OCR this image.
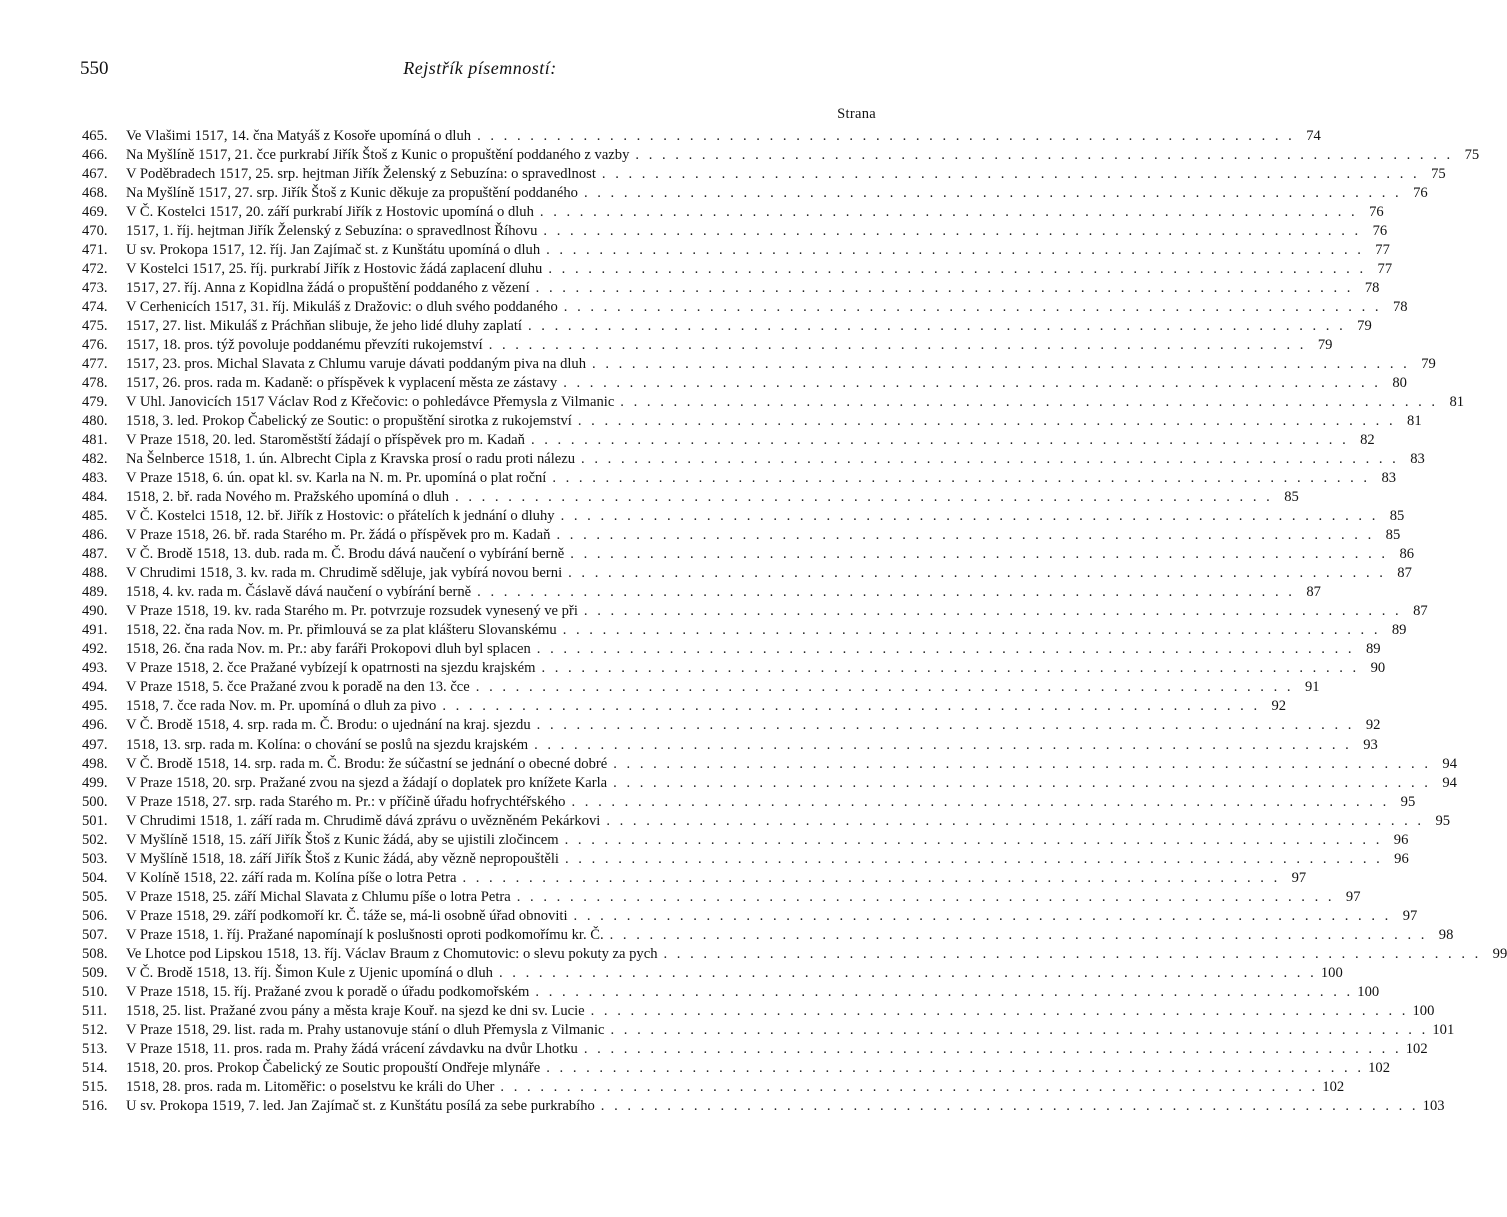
550	Rejstřík písemností:
Strana
465.	Ve Vlašimi 1517, 14. čna Matyáš z Kosoře upomíná o dluh . . .	74
466.	Na Myšlíně 1517, 21. čce purkrabí Jiřík Štoš z Kunic o propuštění poddaného z vazby . . .	75
467.	V Poděbradech 1517, 25. srp. hejtman Jiřík Želenský z Sebuzína: o spravedlnost . . .	75
468.	Na Myšlíně 1517, 27. srp. Jiřík Štoš z Kunic děkuje za propuštění poddaného . . .	76
469.	V Č. Kostelci 1517, 20. září purkrabí Jiřík z Hostovic upomíná o dluh . . .	76
470.	1517, 1. říj. hejtman Jiřík Želenský z Sebuzína: o spravedlnost Říhovu . . .	76
471.	U sv. Prokopa 1517, 12. říj. Jan Zajímač st. z Kunštátu upomíná o dluh . . .	77
472.	V Kostelci 1517, 25. říj. purkrabí Jiřík z Hostovic žádá zaplacení dluhu . . .	77
473.	1517, 27. říj. Anna z Kopidlna žádá o propuštění poddaného z vězení . . .	78
474.	V Cerhenicích 1517, 31. říj. Mikuláš z Dražovic: o dluh svého poddaného . . .	78
475.	1517, 27. list. Mikuláš z Práchňan slibuje, že jeho lidé dluhy zaplatí . . .	79
476.	1517, 18. pros. týž povoluje poddanému převzíti rukojemství . . .	79
477.	1517, 23. pros. Michal Slavata z Chlumu varuje dávati poddaným piva na dluh . . .	79
478.	1517, 26. pros. rada m. Kadaně: o příspěvek k vyplacení města ze zástavy . . .	80
479.	V Uhl. Janovicích 1517 Václav Rod z Křečovic: o pohledávce Přemysla z Vilmanic . . .	81
480.	1518, 3. led. Prokop Čabelický ze Soutic: o propuštění sirotka z rukojemství . . .	81
481.	V Praze 1518, 20. led. Staroměstští žádají o příspěvek pro m. Kadaň . . .	82
482.	Na Šelnberce 1518, 1. ún. Albrecht Cipla z Kravska prosí o radu proti nálezu . . .	83
483.	V Praze 1518, 6. ún. opat kl. sv. Karla na N. m. Pr. upomíná o plat roční . . .	83
484.	1518, 2. bř. rada Nového m. Pražského upomíná o dluh . . .	85
485.	V Č. Kostelci 1518, 12. bř. Jiřík z Hostovic: o přátelích k jednání o dluhy . . .	85
486.	V Praze 1518, 26. bř. rada Starého m. Pr. žádá o příspěvek pro m. Kadaň . . .	85
487.	V Č. Brodě 1518, 13. dub. rada m. Č. Brodu dává naučení o vybírání berně . . .	86
488.	V Chrudimi 1518, 3. kv. rada m. Chrudimě sděluje, jak vybírá novou berni . . .	87
489.	1518, 4. kv. rada m. Čáslavě dává naučení o vybírání berně . . .	87
490.	V Praze 1518, 19. kv. rada Starého m. Pr. potvrzuje rozsudek vynesený ve při . . .	87
491.	1518, 22. čna rada Nov. m. Pr. přimlouvá se za plat klášteru Slovanskému . . .	89
492.	1518, 26. čna rada Nov. m. Pr.: aby faráři Prokopovi dluh byl splacen . . .	89
493.	V Praze 1518, 2. čce Pražané vybízejí k opatrnosti na sjezdu krajském . . .	90
494.	V Praze 1518, 5. čce Pražané zvou k poradě na den 13. čce . . .	91
495.	1518, 7. čce rada Nov. m. Pr. upomíná o dluh za pivo . . .	92
496.	V Č. Brodě 1518, 4. srp. rada m. Č. Brodu: o ujednání na kraj. sjezdu . . .	92
497.	1518, 13. srp. rada m. Kolína: o chování se poslů na sjezdu krajském . . .	93
498.	V Č. Brodě 1518, 14. srp. rada m. Č. Brodu: že súčastní se jednání o obecné dobré . . .	94
499.	V Praze 1518, 20. srp. Pražané zvou na sjezd a žádají o doplatek pro knížete Karla . . .	94
500.	V Praze 1518, 27. srp. rada Starého m. Pr.: v příčině úřadu hofrychtéřského . . .	95
501.	V Chrudimi 1518, 1. září rada m. Chrudimě dává zprávu o uvězněném Pekárkovi . . .	95
502.	V Myšlíně 1518, 15. září Jiřík Štoš z Kunic žádá, aby se ujistili zločincem . . .	96
503.	V Myšlíně 1518, 18. září Jiřík Štoš z Kunic žádá, aby vězně nepropouštěli . . .	96
504.	V Kolíně 1518, 22. září rada m. Kolína píše o lotra Petra . . .	97
505.	V Praze 1518, 25. září Michal Slavata z Chlumu píše o lotra Petra . . .	97
506.	V Praze 1518, 29. září podkomoří kr. Č. táže se, má-li osobně úřad obnoviti . . .	97
507.	V Praze 1518, 1. říj. Pražané napomínají k poslušnosti oproti podkomořímu kr. Č. . . .	98
508.	Ve Lhotce pod Lipskou 1518, 13. říj. Václav Braum z Chomutovic: o slevu pokuty za pych . . .	99
509.	V Č. Brodě 1518, 13. říj. Šimon Kule z Ujenic upomíná o dluh . . .	100
510.	V Praze 1518, 15. říj. Pražané zvou k poradě o úřadu podkomořském . . .	100
511.	1518, 25. list. Pražané zvou pány a města kraje Kouř. na sjezd ke dni sv. Lucie . . .	100
512.	V Praze 1518, 29. list. rada m. Prahy ustanovuje stání o dluh Přemysla z Vilmanic . . .	101
513.	V Praze 1518, 11. pros. rada m. Prahy žádá vrácení závdavku na dvůr Lhotku . . .	102
514.	1518, 20. pros. Prokop Čabelický ze Soutic propouští Ondřeje mlynáře . . .	102
515.	1518, 28. pros. rada m. Litoměřic: o poselstvu ke králi do Uher . . .	102
516.	U sv. Prokopa 1519, 7. led. Jan Zajímač st. z Kunštátu posílá za sebe purkrabího . . .	103
